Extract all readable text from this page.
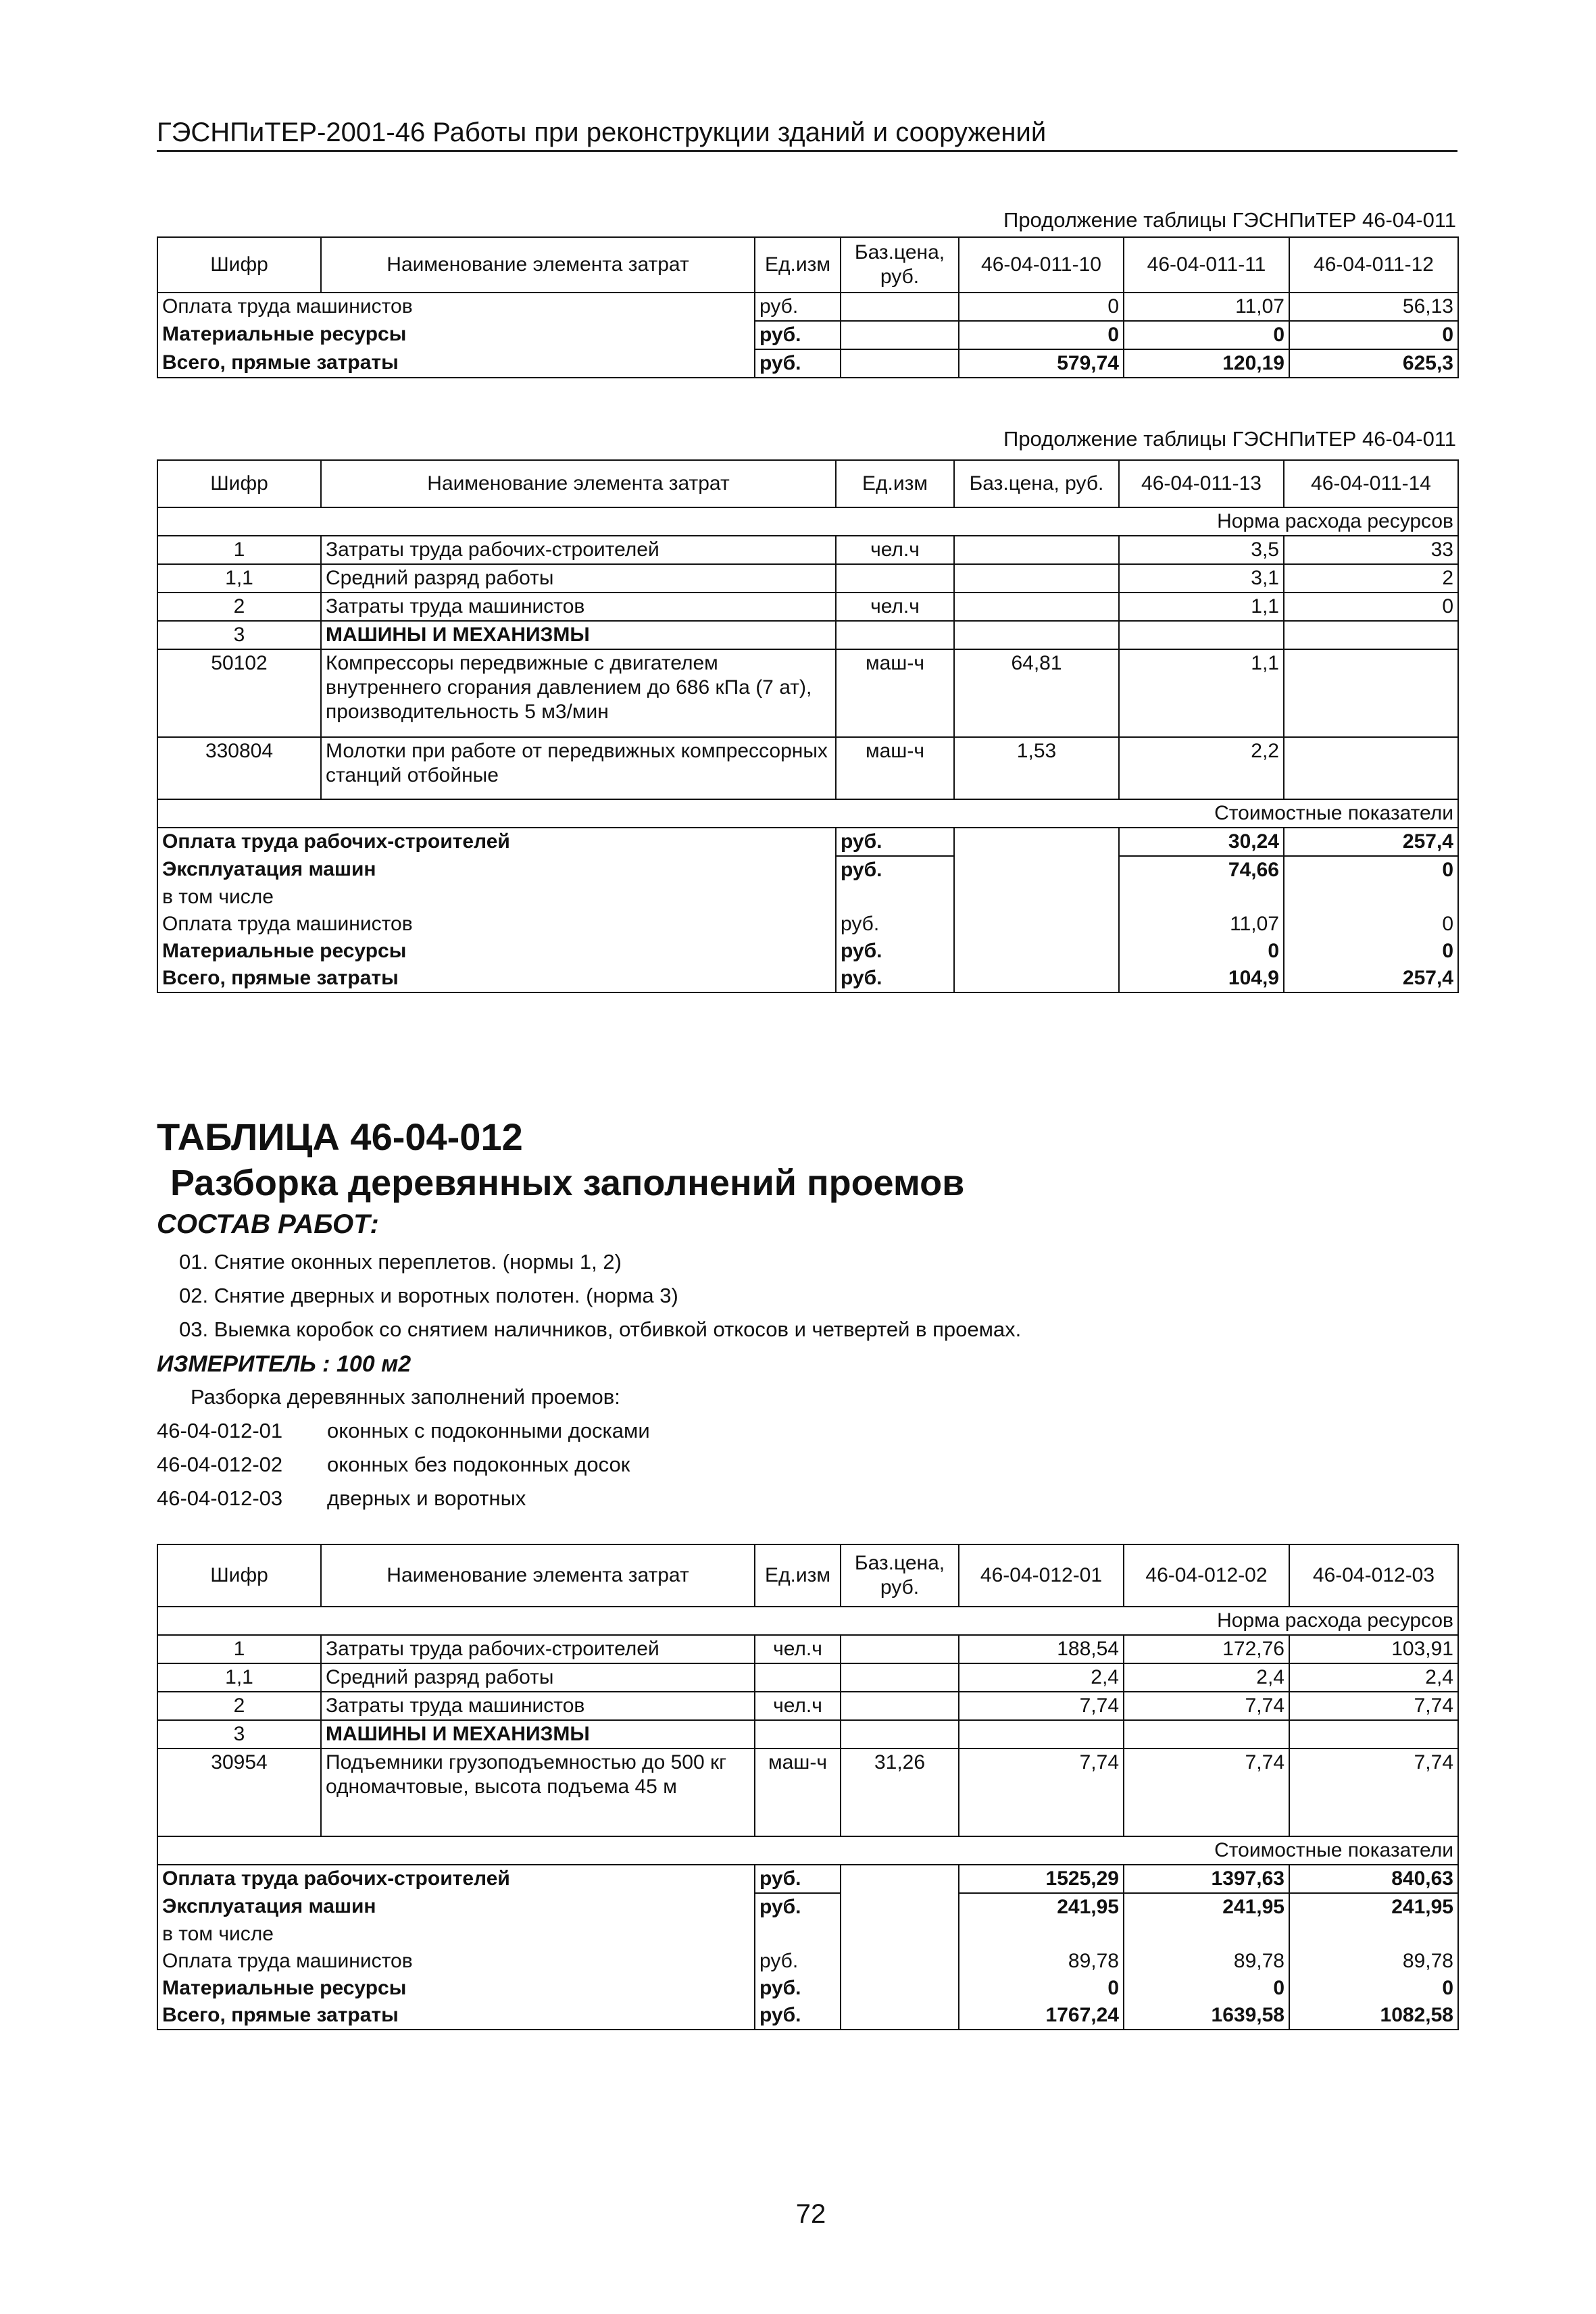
ГЭСНПиТЕР-2001-46 Работы при реконструкции зданий и сооружений
Продолжение таблицы ГЭСНПиТЕР 46-04-011
Шифр	Наименование элемента затрат	Ед.изм	Баз.цена, руб.	46-04-011-10	46-04-011-11	46-04-011-12
Оплата труда машинистов		руб.		0	11,07	56,13
Материальные ресурсы		руб.		0	0	0
Всего, прямые затраты		руб.		579,74	120,19	625,3
Продолжение таблицы ГЭСНПиТЕР 46-04-011
Шифр	Наименование элемента затрат	Ед.изм	Баз.цена, руб.	46-04-011-13	46-04-011-14
Норма расхода ресурсов					
1	Затраты труда рабочих-строителей	чел.ч		3,5	33
1,1	Средний разряд работы			3,1	2
2	Затраты труда машинистов	чел.ч		1,1	0
3	МАШИНЫ И МЕХАНИЗМЫ				
50102	Компрессоры передвижные с двигателем внутреннего сгорания давлением до 686 кПа (7 ат), производительность 5 м3/мин	маш-ч	64,81	1,1	
330804	Молотки при работе от передвижных компрессорных станций отбойные	маш-ч	1,53	2,2	
Стоимостные показатели					
Оплата труда рабочих-строителей		руб.		30,24	257,4
Эксплуатация машин		руб.		74,66	0
в том числе					
Оплата труда машинистов		руб.		11,07	0
Материальные ресурсы		руб.		0	0
Всего, прямые затраты		руб.		104,9	257,4
ТАБЛИЦА 46-04-012
Разборка деревянных заполнений проемов
СОСТАВ РАБОТ:
01. Снятие оконных переплетов. (нормы 1, 2)
02. Снятие дверных и воротных полотен. (норма 3)
03. Выемка коробок со снятием наличников, отбивкой откосов и четвертей в проемах.
ИЗМЕРИТЕЛЬ : 100 м2
Разборка деревянных заполнений проемов:
46-04-012-01 оконных с подоконными досками
46-04-012-02 оконных без подоконных досок
46-04-012-03 дверных и воротных
Шифр	Наименование элемента затрат	Ед.изм	Баз.цена, руб.	46-04-012-01	46-04-012-02	46-04-012-03
Норма расхода ресурсов						
1	Затраты труда рабочих-строителей	чел.ч		188,54	172,76	103,91
1,1	Средний разряд работы			2,4	2,4	2,4
2	Затраты труда машинистов	чел.ч		7,74	7,74	7,74
3	МАШИНЫ И МЕХАНИЗМЫ					
30954	Подъемники грузоподъемностью до 500 кг одномачтовые, высота подъема 45 м	маш-ч	31,26	7,74	7,74	7,74
Стоимостные показатели						
Оплата труда рабочих-строителей		руб.		1525,29	1397,63	840,63
Эксплуатация машин		руб.		241,95	241,95	241,95
в том числе						
Оплата труда машинистов		руб.		89,78	89,78	89,78
Материальные ресурсы		руб.		0	0	0
Всего, прямые затраты		руб.		1767,24	1639,58	1082,58
72
